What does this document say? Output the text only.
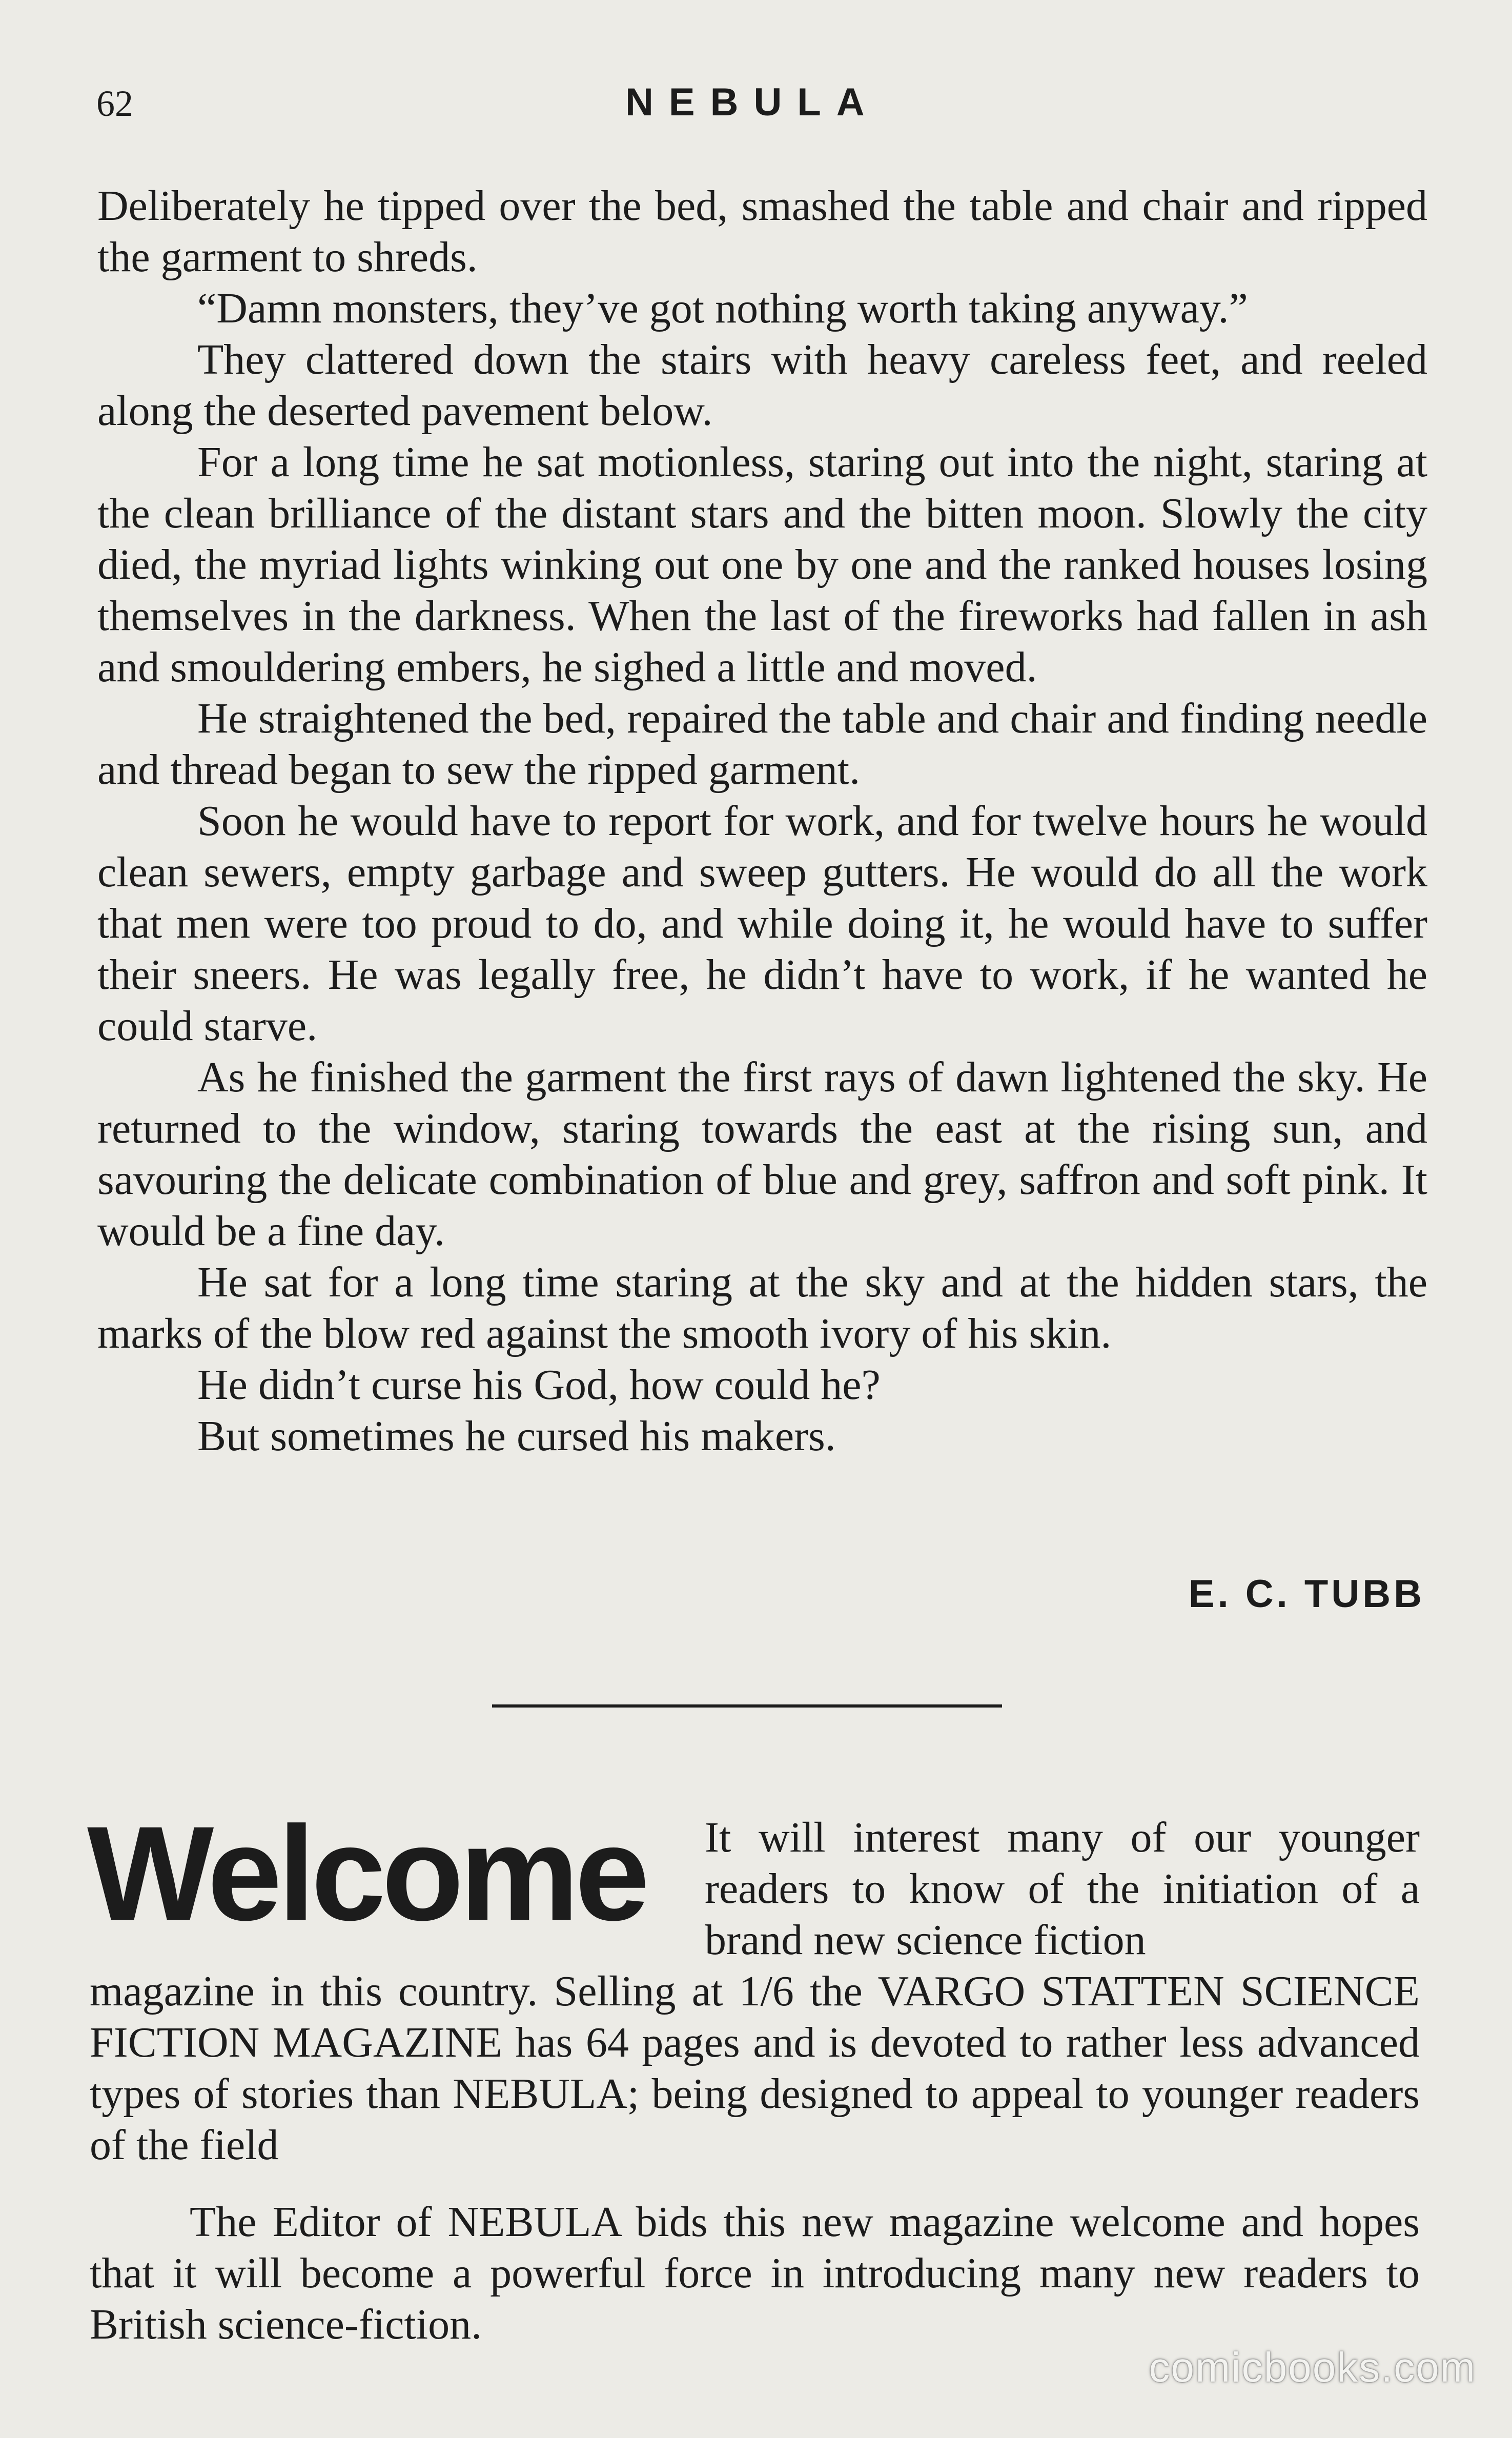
62	NEBULA

Deliberately he tipped over the bed, smashed the table and chair and ripped the garment to shreds.

“Damn monsters, they’ve got nothing worth taking anyway.”

They clattered down the stairs with heavy careless feet, and reeled along the deserted pavement below.

For a long time he sat motionless, staring out into the night, staring at the clean brilliance of the distant stars and the bitten moon. Slowly the city died, the myriad lights winking out one by one and the ranked houses losing themselves in the darkness. When the last of the fireworks had fallen in ash and smouldering embers, he sighed a little and moved.

He straightened the bed, repaired the table and chair and finding needle and thread began to sew the ripped garment.

Soon he would have to report for work, and for twelve hours he would clean sewers, empty garbage and sweep gutters. He would do all the work that men were too proud to do, and while doing it, he would have to suffer their sneers. He was legally free, he didn’t have to work, if he wanted he could starve.

As he finished the garment the first rays of dawn lightened the sky. He returned to the window, staring towards the east at the rising sun, and savouring the delicate combination of blue and grey, saffron and soft pink. It would be a fine day.

He sat for a long time staring at the sky and at the hidden stars, the marks of the blow red against the smooth ivory of his skin.

He didn’t curse his God, how could he?

But sometimes he cursed his makers.

E. C. TUBB
Welcome It will interest many of our younger readers to know of the initiation of a brand new science fiction

magazine in this country. Selling at 1/6 the VARGO STATTEN SCIENCE FICTION MAGAZINE has 64 pages and is devoted to rather less advanced types of stories than NEBULA; being designed to appeal to younger readers of the field

The Editor of NEBULA bids this new magazine welcome and hopes that it will become a powerful force in introducing many new readers to British science-fiction.

comicbooks.com
